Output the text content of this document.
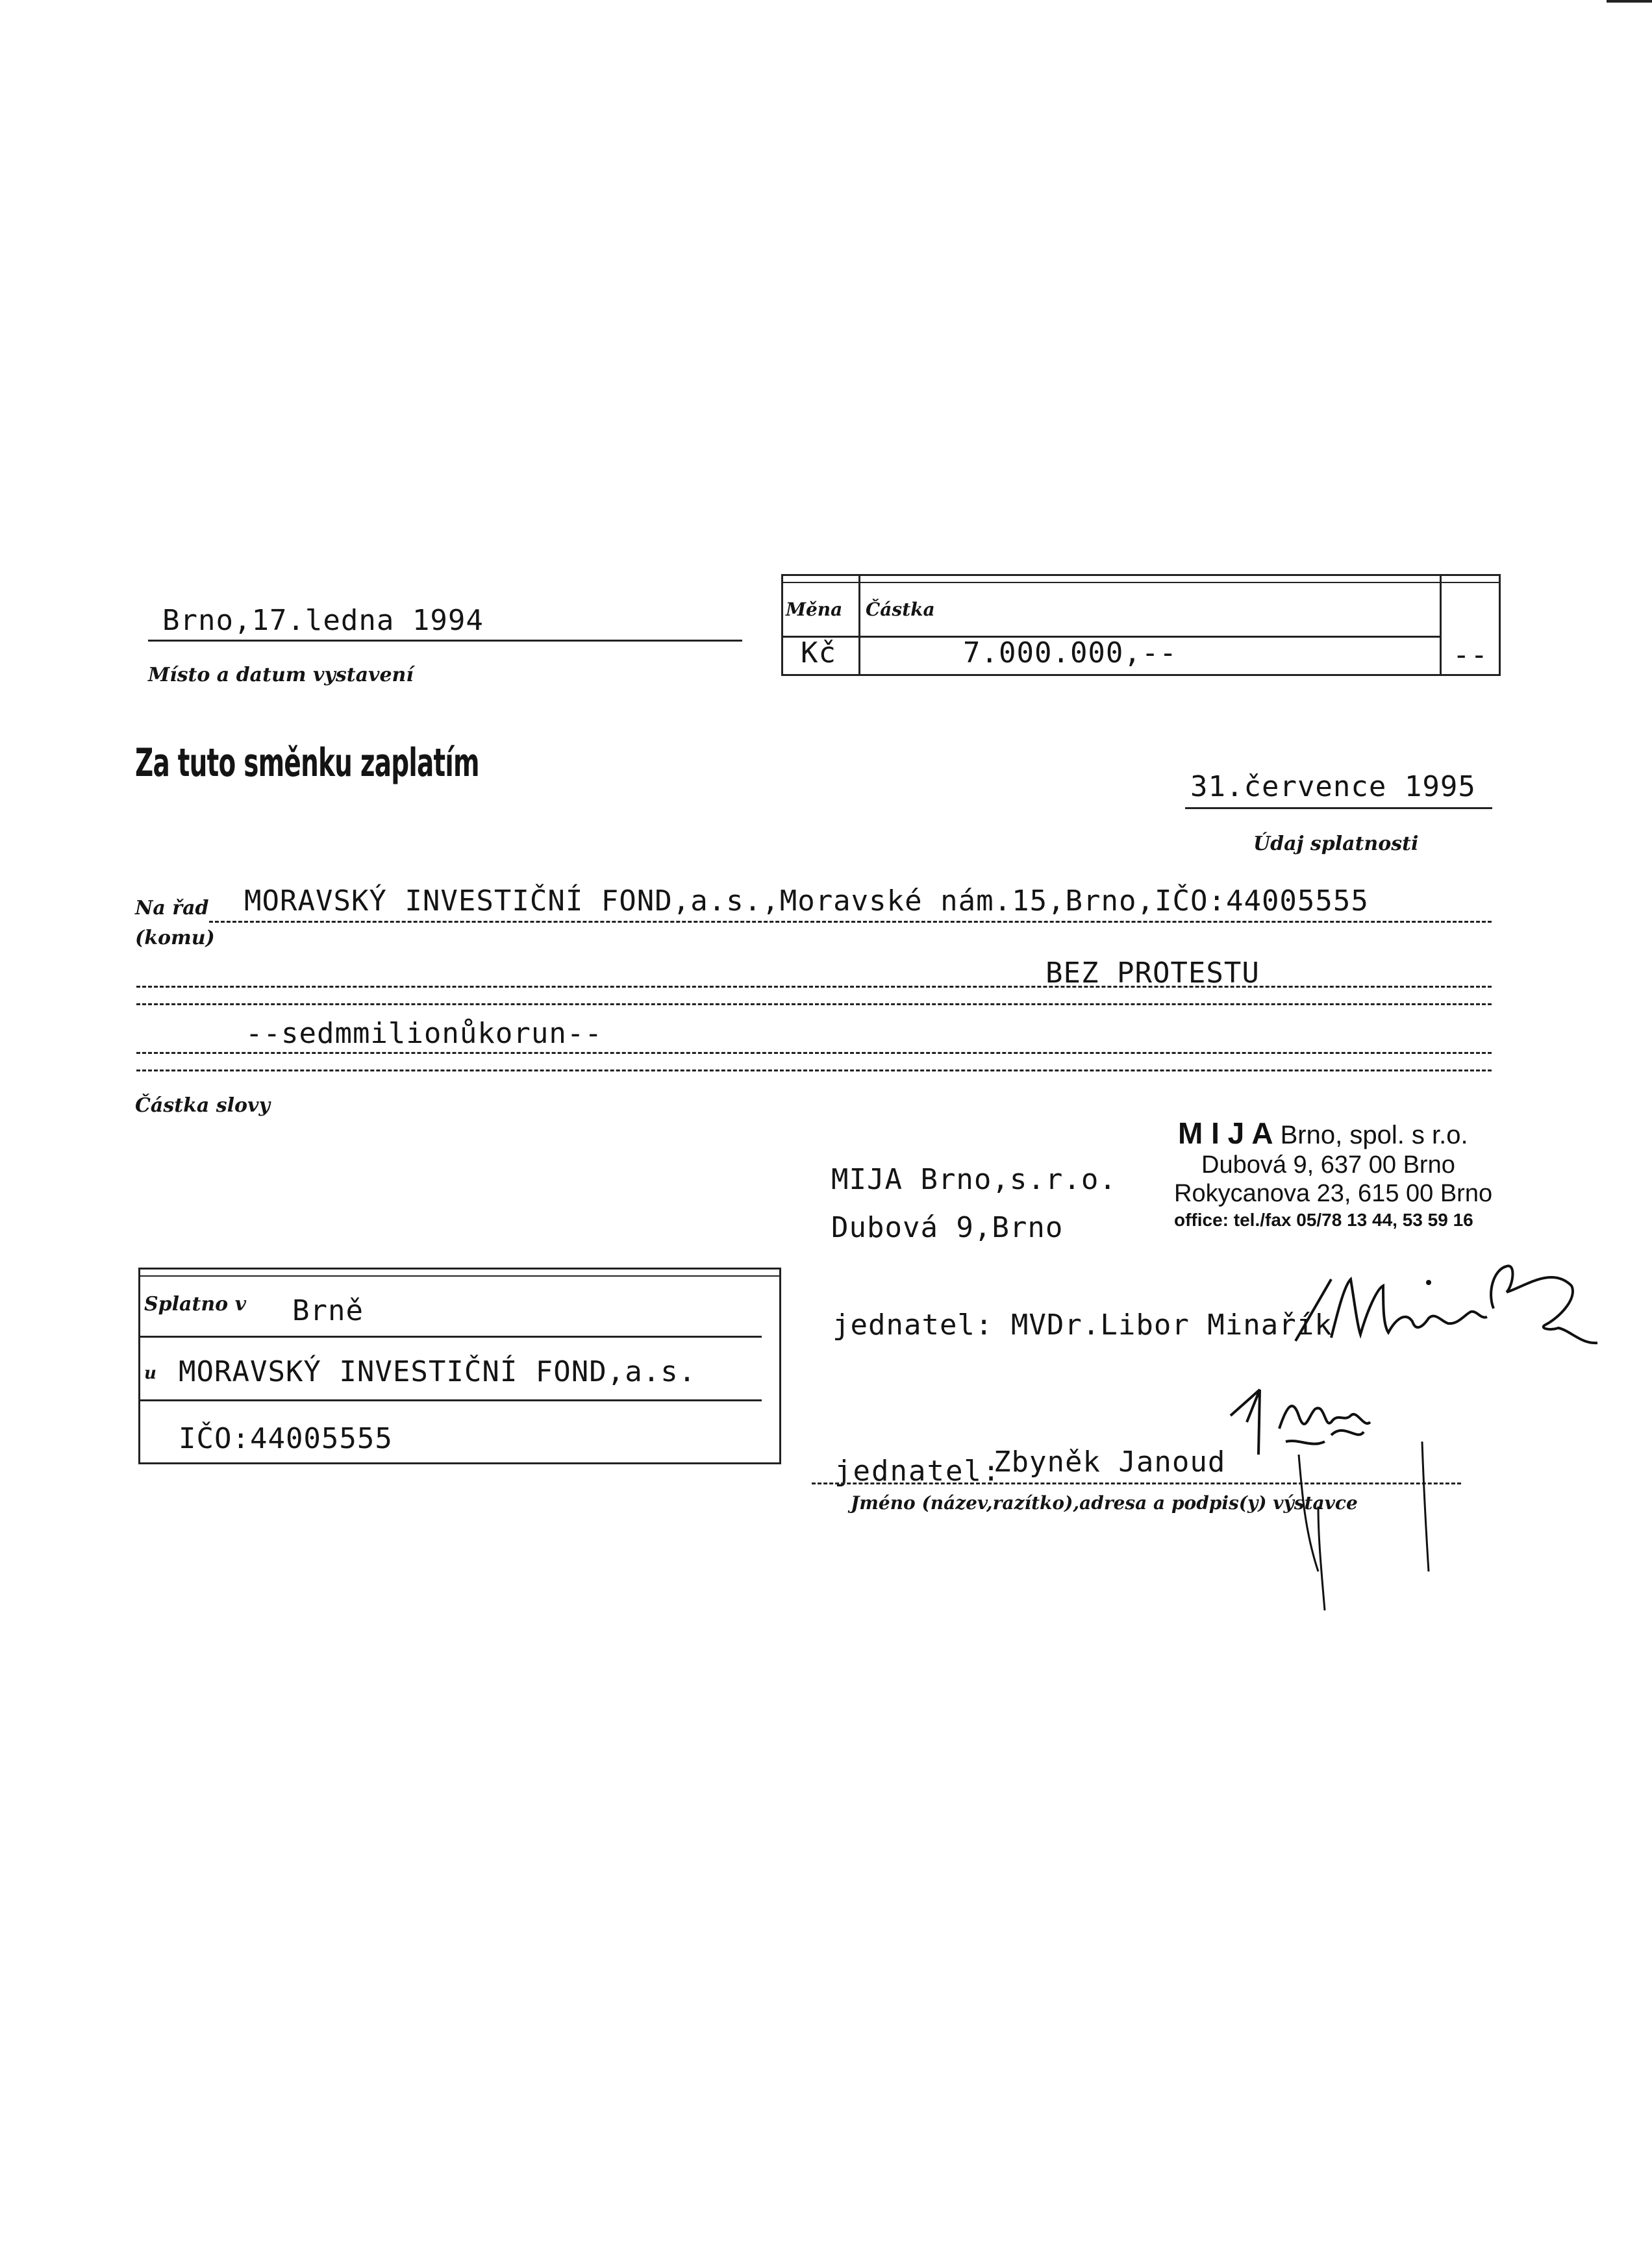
Brno,17.ledna 1994
Místo a datum vystavení
Měna Částka
Kč	7.000.000,--	--
Za tuto směnku zaplatím
31.července 1995
Údaj splatnosti
Na řad
(komu)
MORAVSKÝ INVESTIČNÍ FOND,a.s.,Moravské nám.15,Brno,IČO:44005555
BEZ PROTESTU
--sedmmilionůkorun--
Částka slovy
M I J A Brno, spol. s r.o.
Dubová 9, 637 00 Brno
Rokycanova 23, 615 00 Brno
office: tel./fax 05/78 13 44, 53 59 16
MIJA Brno,s.r.o.
Dubová 9,Brno
jednatel: MVDr.Libor Minařík
jednatel:
Zbyněk Janoud
Jméno (název,razítko),adresa a podpis(y) výstavce
Splatno v Brně
u MORAVSKÝ INVESTIČNÍ FOND,a.s.
IČO:44005555
